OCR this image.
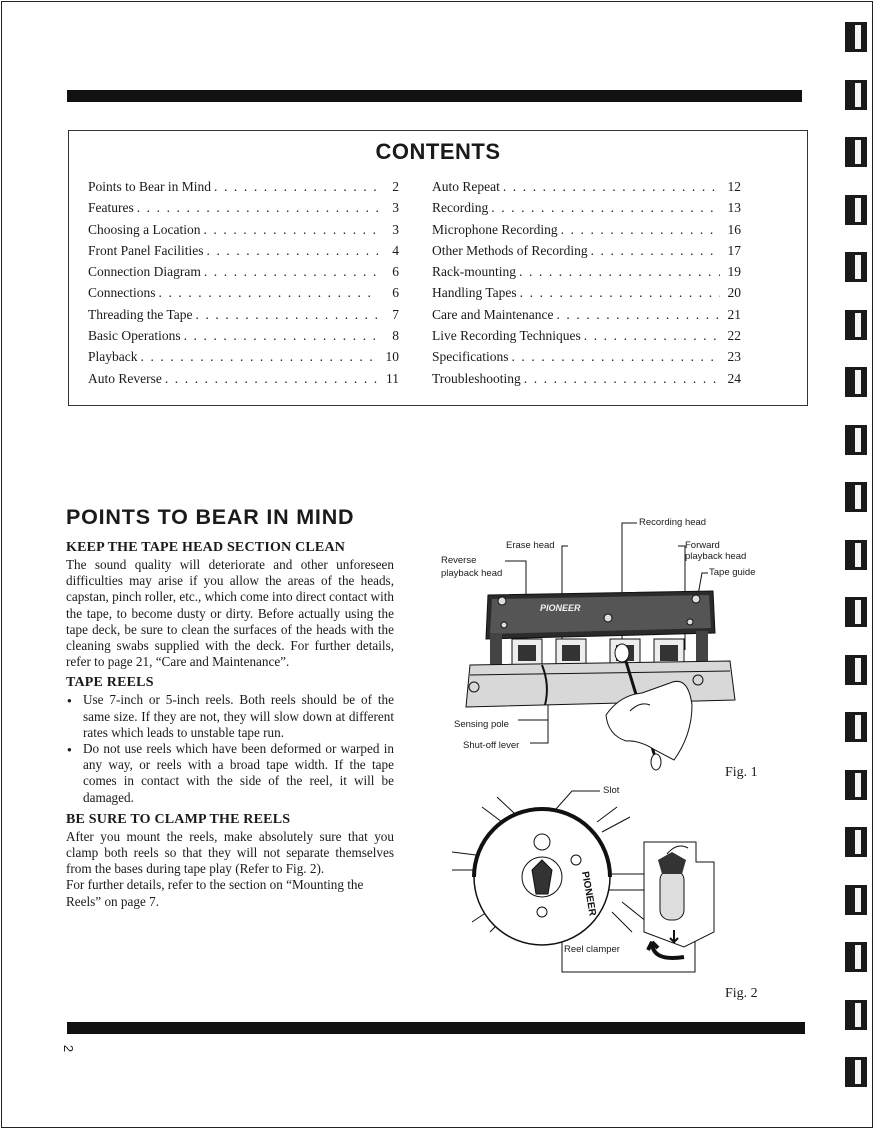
CONTENTS
Points to Bear in Mind . . .	2
Features . . .	3
Choosing a Location . . .	3
Front Panel Facilities . . .	4
Connection Diagram . . .	6
Connections . . .	6
Threading the Tape . . .	7
Basic Operations . . .	8
Playback . . .	10
Auto Reverse . . .	11
Auto Repeat . . .	12
Recording . . .	13
Microphone Recording . . .	16
Other Methods of Recording . . .	17
Rack-mounting . . .	19
Handling Tapes . . .	20
Care and Maintenance . . .	21
Live Recording Techniques . . .	22
Specifications . . .	23
Troubleshooting . . .	24
POINTS TO BEAR IN MIND
KEEP THE TAPE HEAD SECTION CLEAN

The sound quality will deteriorate and other unforeseen difficulties may arise if you allow the areas of the heads, capstan, pinch roller, etc., which come into direct contact with the tape, to become dusty or dirty. Before actually using the tape deck, be sure to clean the surfaces of the heads with the cleaning swabs supplied with the deck. For further details, refer to page 21, “Care and Maintenance”.

TAPE REELS
● Use 7-inch or 5-inch reels. Both reels should be of the same size. If they are not, they will slow down at different rates which leads to unstable tape run.
● Do not use reels which have been deformed or warped in any way, or reels with a broad tape width. If the tape comes in contact with the side of the reel, it will be damaged.
BE SURE TO CLAMP THE REELS

After you mount the reels, make absolutely sure that you clamp both reels so that they will not separate themselves from the bases during tape play (Refer to Fig. 2).

For further details, refer to the section on “Mounting the Reels” on page 7.

PIONEER
Recording head
Erase head	Forward
playback head
Reverse
playback head	Tape guide
Sensing pole
Shut-off lever
Fig. 1
PIONEER
Slot
Reel clamper
Fig. 2
2
